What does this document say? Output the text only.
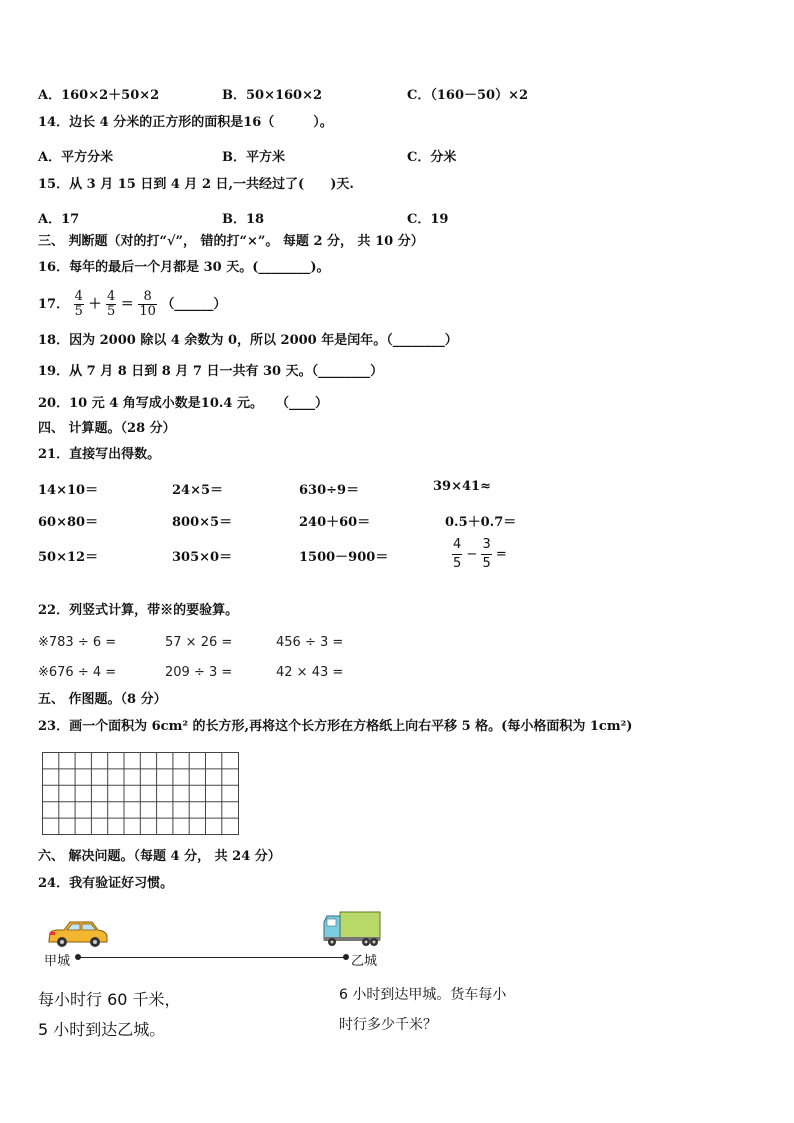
A．160×2＋50×2	B．50×160×2	C．（160－50）×2
14．边长 4 分米的正方形的面积是16（　　　）。
A．平方分米	B．平方米	C．分米
15．从 3 月 15 日到 4 月 2 日,一共经过了(　　)天.
A．17	B．18	C．19
三、 判断题（对的打“√”， 错的打“×”。 每题 2 分， 共 10 分）
16．每年的最后一个月都是 30 天。(________)。
17． $\frac{4}{5} + \frac{4}{5} = \frac{8}{10}$ （______）
18．因为 2000 除以 4 余数为 0，所以 2000 年是闰年。（________）
19．从 7 月 8 日到 8 月 7 日一共有 30 天。（________）
20．10 元 4 角写成小数是10.4 元。　　（____）
四、 计算题。（28 分）
21．直接写出得数。
14×10＝	24×5＝	630÷9＝	39×41≈
60×80＝	800×5＝	240＋60＝	0.5＋0.7＝
50×12＝	305×0＝	1500－900＝	$\frac{4}{5} - \frac{3}{5}$ =
22．列竖式计算，带※的要验算。
※783 ÷ 6 =	57 × 26 =	456 ÷ 3 =
※676 ÷ 4 =	209 ÷ 3 =	42 × 43 =
五、 作图题。（8 分）
23．画一个面积为 6cm² 的长方形,再将这个长方形在方格纸上向右平移 5 格。(每小格面积为 1cm²)
六、 解决问题。（每题 4 分， 共 24 分）
24．我有验证好习惯。
甲城	乙城
每小时行 60 千米，
5 小时到达乙城。
6 小时到达甲城。货车每小
时行多少千米？
